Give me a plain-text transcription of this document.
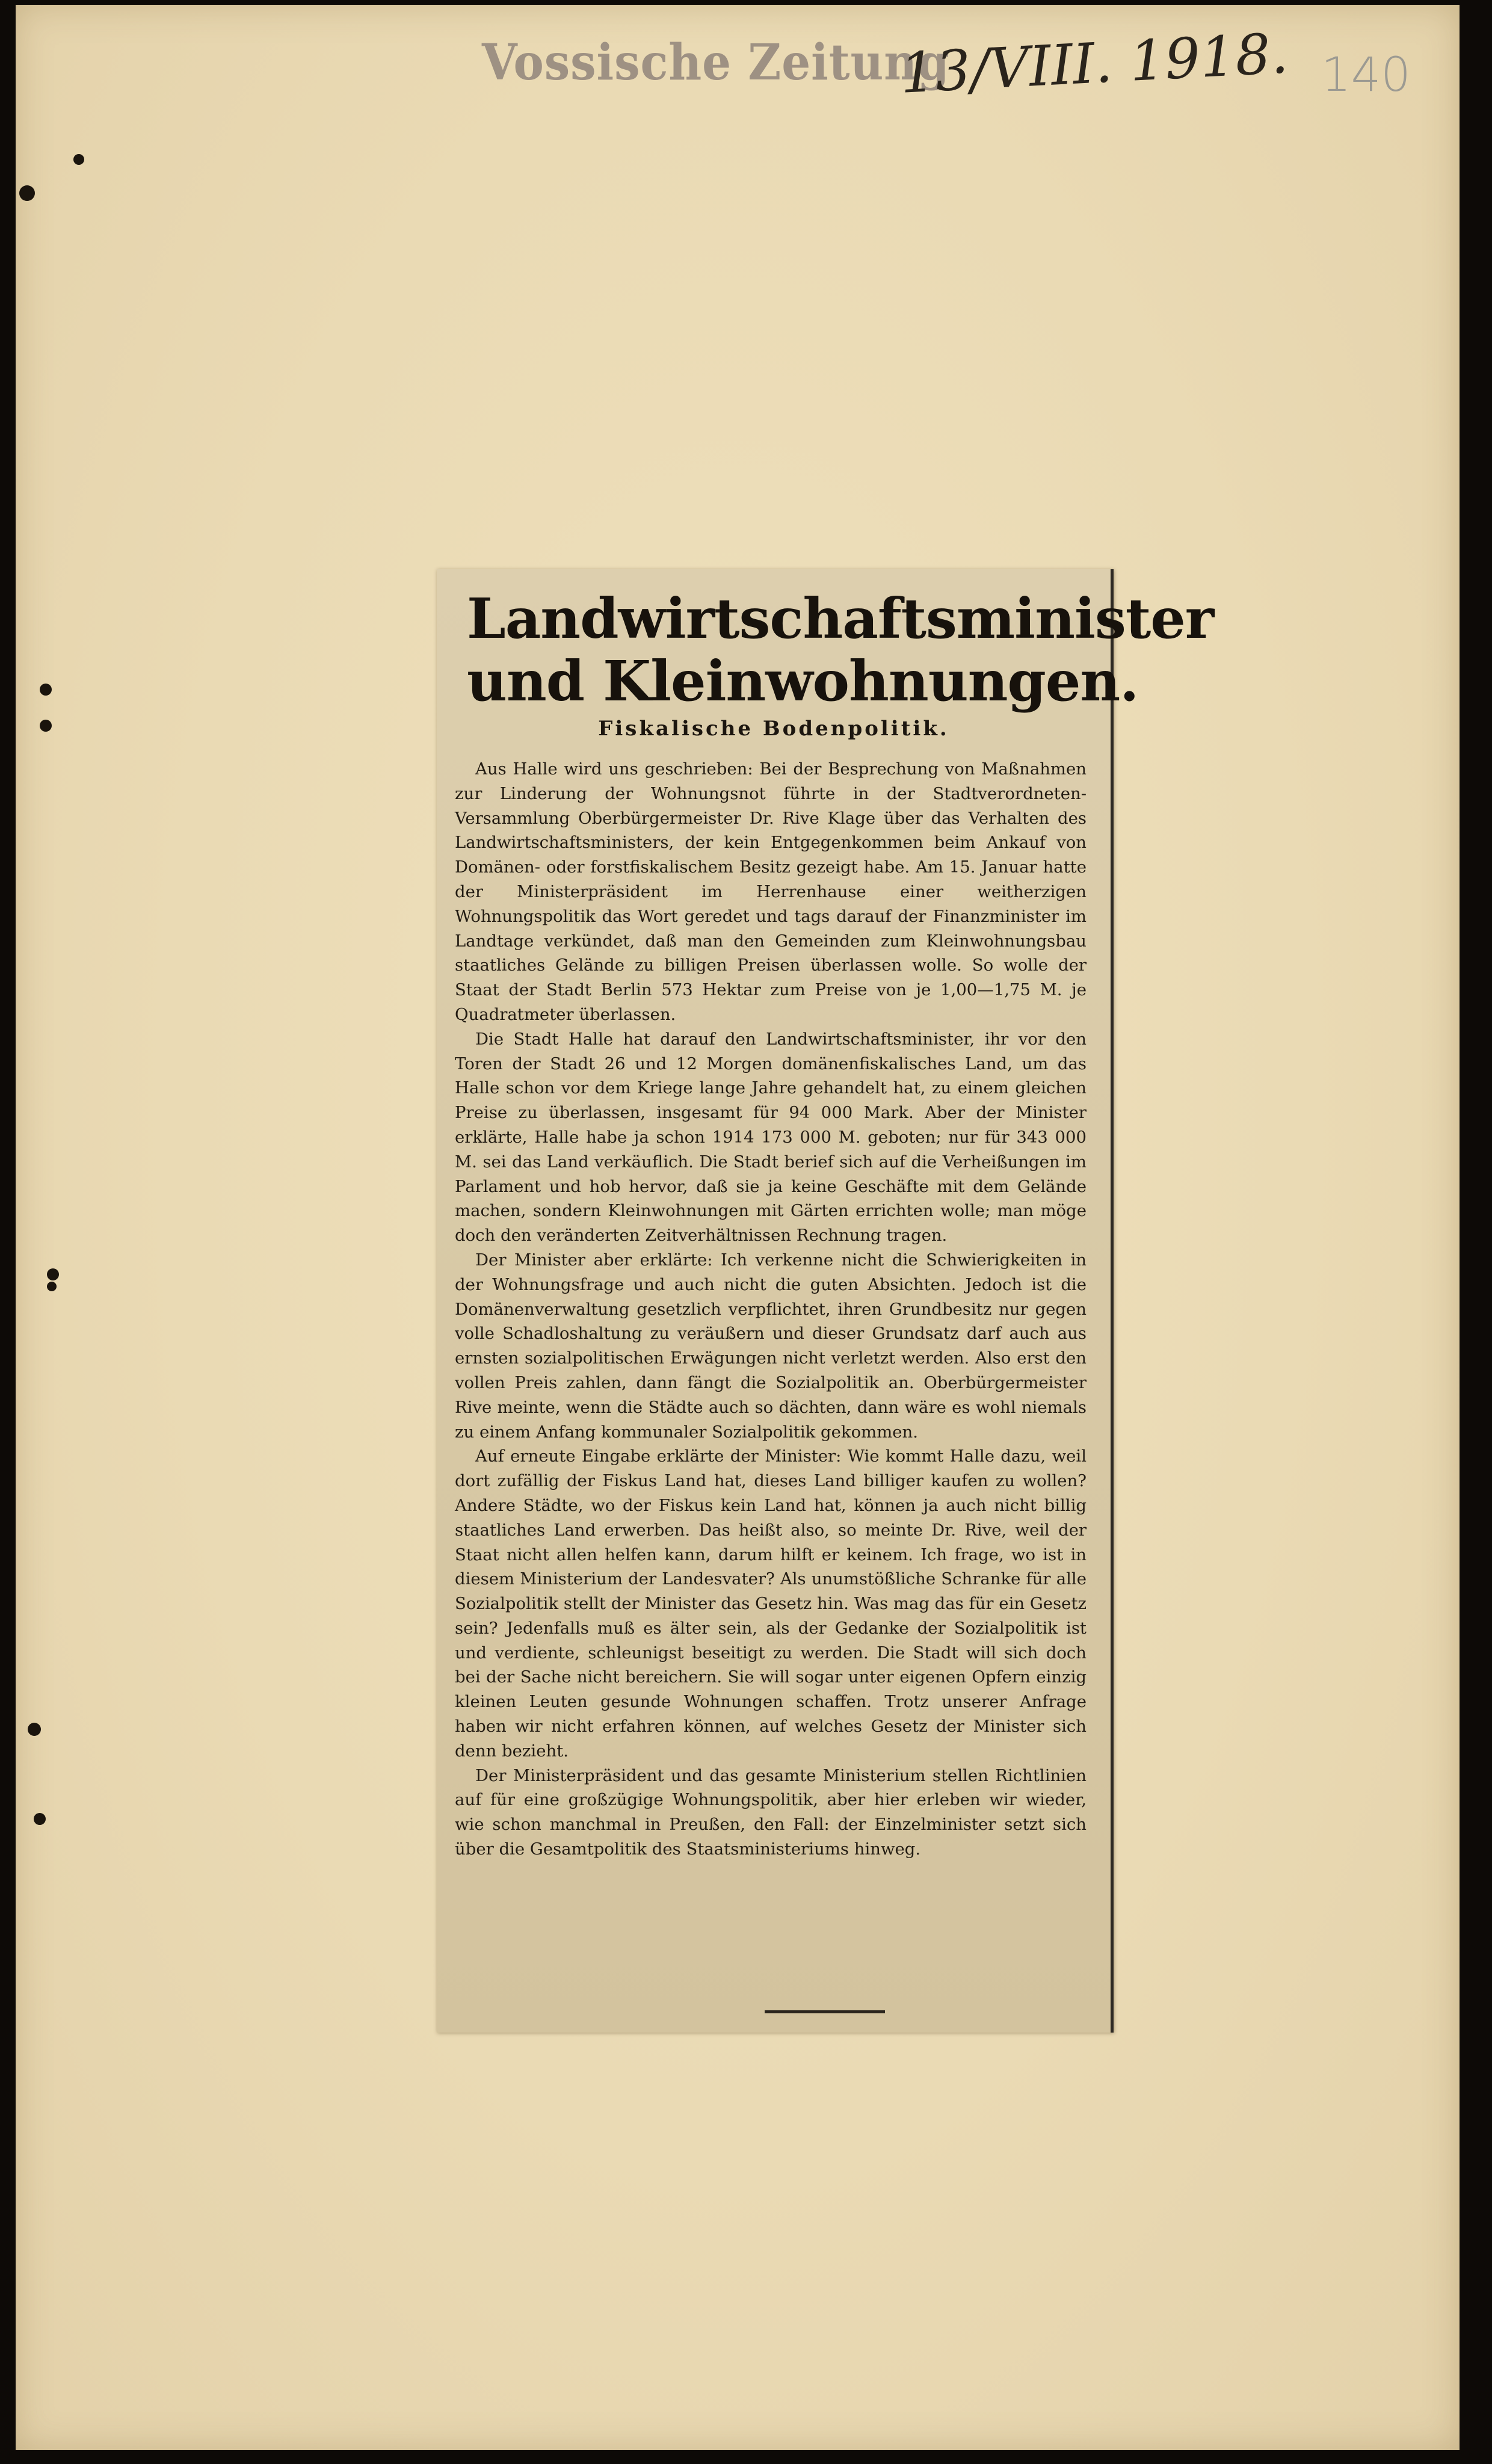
Vossische Zeitung
13/VIII. 1918. 140
Landwirtschaftsminister
und Kleinwohnungen.
Fiskalische Bodenpolitik.

Aus Halle wird uns geschrieben: Bei der Besprechung von Maßnahmen zur Linderung der Wohnungsnot führte in der Stadtverordneten-Versammlung Oberbürgermeister Dr. Rive Klage über das Verhalten des Landwirtschaftsministers, der kein Entgegenkommen beim Ankauf von Domänen- oder forstfiskalischem Besitz gezeigt habe. Am 15. Januar hatte der Ministerpräsident im Herrenhause einer weitherzigen Wohnungspolitik das Wort geredet und tags darauf der Finanzminister im Landtage verkündet, daß man den Gemeinden zum Kleinwohnungsbau staatliches Gelände zu billigen Preisen überlassen wolle. So wolle der Staat der Stadt Berlin 573 Hektar zum Preise von je 1,00—1,75 M. je Quadratmeter überlassen.

Die Stadt Halle hat darauf den Landwirtschaftsminister, ihr vor den Toren der Stadt 26 und 12 Morgen domänenfiskalisches Land, um das Halle schon vor dem Kriege lange Jahre gehandelt hat, zu einem gleichen Preise zu überlassen, insgesamt für 94 000 Mark. Aber der Minister erklärte, Halle habe ja schon 1914 173 000 M. geboten; nur für 343 000 M. sei das Land verkäuflich. Die Stadt berief sich auf die Verheißungen im Parlament und hob hervor, daß sie ja keine Geschäfte mit dem Gelände machen, sondern Kleinwohnungen mit Gärten errichten wolle; man möge doch den veränderten Zeitverhältnissen Rechnung tragen.

Der Minister aber erklärte: Ich verkenne nicht die Schwierigkeiten in der Wohnungsfrage und auch nicht die guten Absichten. Jedoch ist die Domänenverwaltung gesetzlich verpflichtet, ihren Grundbesitz nur gegen volle Schadloshaltung zu veräußern und dieser Grundsatz darf auch aus ernsten sozialpolitischen Erwägungen nicht verletzt werden. Also erst den vollen Preis zahlen, dann fängt die Sozialpolitik an. Oberbürgermeister Rive meinte, wenn die Städte auch so dächten, dann wäre es wohl niemals zu einem Anfang kommunaler Sozialpolitik gekommen.

Auf erneute Eingabe erklärte der Minister: Wie kommt Halle dazu, weil dort zufällig der Fiskus Land hat, dieses Land billiger kaufen zu wollen? Andere Städte, wo der Fiskus kein Land hat, können ja auch nicht billig staatliches Land erwerben. Das heißt also, so meinte Dr. Rive, weil der Staat nicht allen helfen kann, darum hilft er keinem. Ich frage, wo ist in diesem Ministerium der Landesvater? Als unumstößliche Schranke für alle Sozialpolitik stellt der Minister das Gesetz hin. Was mag das für ein Gesetz sein? Jedenfalls muß es älter sein, als der Gedanke der Sozialpolitik ist und verdiente, schleunigst beseitigt zu werden. Die Stadt will sich doch bei der Sache nicht bereichern. Sie will sogar unter eigenen Opfern einzig kleinen Leuten gesunde Wohnungen schaffen. Trotz unserer Anfrage haben wir nicht erfahren können, auf welches Gesetz der Minister sich denn bezieht.

Der Ministerpräsident und das gesamte Ministerium stellen Richtlinien auf für eine großzügige Wohnungspolitik, aber hier erleben wir wieder, wie schon manchmal in Preußen, den Fall: der Einzelminister setzt sich über die Gesamtpolitik des Staatsministeriums hinweg.
